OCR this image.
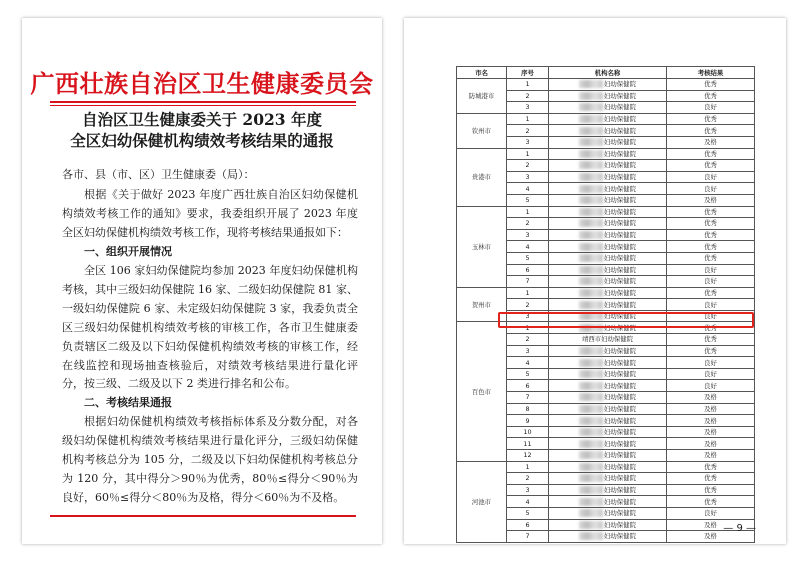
广西壮族自治区卫生健康委员会
自治区卫生健康委关于 2023 年度
全区妇幼保健机构绩效考核结果的通报
各市、县（市、区）卫生健康委（局）：
根据《关于做好 2023 年度广西壮族自治区妇幼保健机构绩效考核工作的通知》要求，我委组织开展了 2023 年度全区妇幼保健机构绩效考核工作，现将考核结果通报如下：
一、组织开展情况
全区 106 家妇幼保健院均参加 2023 年度妇幼保健机构考核，其中三级妇幼保健院 16 家、二级妇幼保健院 81 家、一级妇幼保健院 6 家、未定级妇幼保健院 3 家，我委负责全区三级妇幼保健机构绩效考核的审核工作，各市卫生健康委负责辖区二级及以下妇幼保健机构绩效考核的审核工作，经在线监控和现场抽查核验后，对绩效考核结果进行量化评分，按三级、二级及以下 2 类进行排名和公布。
二、考核结果通报
根据妇幼保健机构绩效考核指标体系及分数分配，对各级妇幼保健机构绩效考核结果进行量化评分，三级妇幼保健机构考核总分为 105 分，二级及以下妇幼保健机构考核总分为 120 分，其中得分＞90％为优秀，80％≤得分＜90％为良好，60％≤得分＜80％为及格，得分＜60％为不及格。
市名	序号	机构名称	考核结果
防城港市	1	妇幼保健院	优秀
	2	妇幼保健院	优秀
	3	妇幼保健院	良好
钦州市	1	妇幼保健院	优秀
	2	妇幼保健院	优秀
	3	妇幼保健院	及格
贵港市	1	妇幼保健院	优秀
	2	妇幼保健院	优秀
	3	妇幼保健院	良好
	4	妇幼保健院	良好
	5	妇幼保健院	及格
玉林市	1	妇幼保健院	优秀
	2	妇幼保健院	优秀
	3	妇幼保健院	优秀
	4	妇幼保健院	优秀
	5	妇幼保健院	优秀
	6	妇幼保健院	良好
	7	妇幼保健院	良好
贺州市	1	妇幼保健院	优秀
	2	妇幼保健院	良好
	3	妇幼保健院	良好
百色市	1	妇幼保健院	优秀
	2	靖西市妇幼保健院	优秀
	3	妇幼保健院	优秀
	4	妇幼保健院	良好
	5	妇幼保健院	良好
	6	妇幼保健院	良好
	7	妇幼保健院	及格
	8	妇幼保健院	及格
	9	妇幼保健院	及格
	10	妇幼保健院	及格
	11	妇幼保健院	及格
	12	妇幼保健院	及格
河池市	1	妇幼保健院	优秀
	2	妇幼保健院	优秀
	3	妇幼保健院	优秀
	4	妇幼保健院	优秀
	5	妇幼保健院	良好
	6	妇幼保健院	及格
	7	妇幼保健院	及格
— 9 —
